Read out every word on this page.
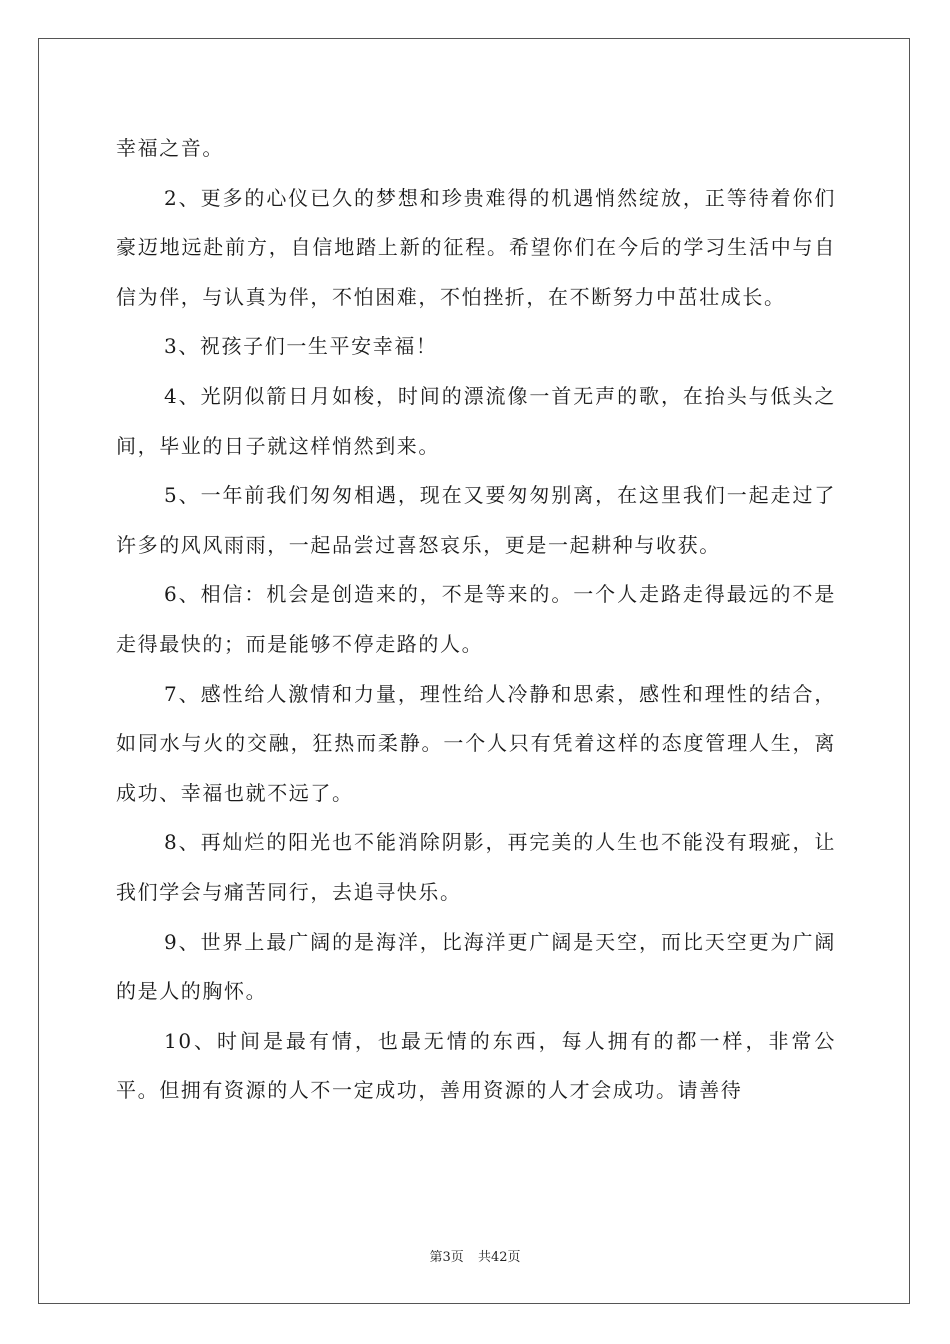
幸福之音。

2、更多的心仪已久的梦想和珍贵难得的机遇悄然绽放，正等待着你们豪迈地远赴前方，自信地踏上新的征程。希望你们在今后的学习生活中与自信为伴，与认真为伴，不怕困难，不怕挫折，在不断努力中茁壮成长。

3、祝孩子们一生平安幸福！

4、光阴似箭日月如梭，时间的漂流像一首无声的歌，在抬头与低头之间，毕业的日子就这样悄然到来。

5、一年前我们匆匆相遇，现在又要匆匆别离，在这里我们一起走过了许多的风风雨雨，一起品尝过喜怒哀乐，更是一起耕种与收获。

6、相信：机会是创造来的，不是等来的。一个人走路走得最远的不是走得最快的；而是能够不停走路的人。

7、感性给人激情和力量，理性给人冷静和思索，感性和理性的结合，如同水与火的交融，狂热而柔静。一个人只有凭着这样的态度管理人生，离成功、幸福也就不远了。

8、再灿烂的阳光也不能消除阴影，再完美的人生也不能没有瑕疵，让我们学会与痛苦同行，去追寻快乐。

9、世界上最广阔的是海洋，比海洋更广阔是天空，而比天空更为广阔的是人的胸怀。

10、时间是最有情，也最无情的东西，每人拥有的都一样，非常公平。但拥有资源的人不一定成功，善用资源的人才会成功。请善待

第3页 共42页
